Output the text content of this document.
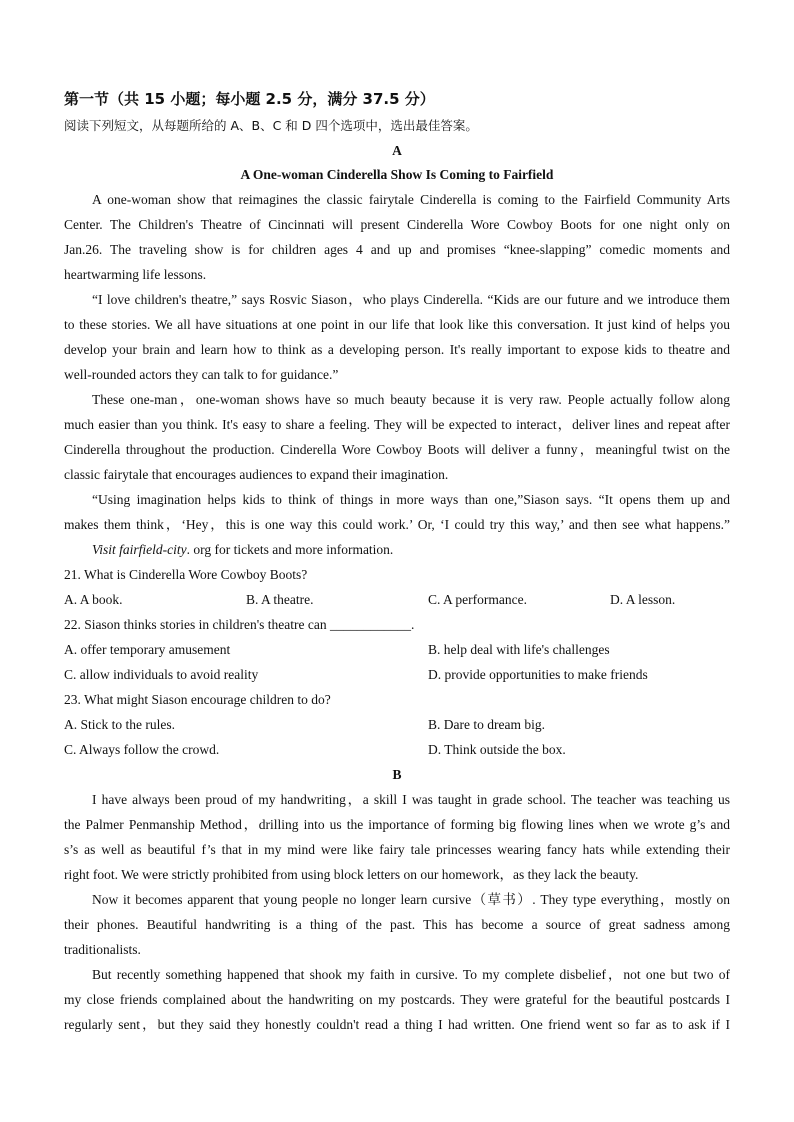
第一节（共 15 小题；每小题 2.5 分，满分 37.5 分）
阅读下列短文，从每题所给的 A、B、C 和 D 四个选项中，选出最佳答案。
A
A One-woman Cinderella Show Is Coming to Fairfield
A one-woman show that reimagines the classic fairytale Cinderella is coming to the Fairfield Community Arts
Center. The Children's Theatre of Cincinnati will present Cinderella Wore Cowboy Boots for one night only on
Jan.26. The traveling show is for children ages 4 and up and promises “knee-slapping” comedic moments and
heartwarming life lessons.
“I love children's theatre,” says Rosvic Siason，who plays Cinderella. “Kids are our future and we introduce them
to these stories. We all have situations at one point in our life that look like this conversation. It just kind of helps you
develop your brain and learn how to think as a developing person. It's really important to expose kids to theatre and
well-rounded actors they can talk to for guidance.”
These one-man，one-woman shows have so much beauty because it is very raw. People actually follow along
much easier than you think. It's easy to share a feeling. They will be expected to interact，deliver lines and repeat after
Cinderella throughout the production. Cinderella Wore Cowboy Boots will deliver a funny，meaningful twist on the
classic fairytale that encourages audiences to expand their imagination.
“Using imagination helps kids to think of things in more ways than one,”Siason says. “It opens them up and
makes them think，‘Hey，this is one way this could work.’ Or, ‘I could try this way,’ and then see what happens.”
Visit fairfield-city. org for tickets and more information.
21. What is Cinderella Wore Cowboy Boots?
A. A book.	B. A theatre.	C. A performance.	D. A lesson.
22. Siason thinks stories in children's theatre can ____________.
A. offer temporary amusement	B. help deal with life's challenges
C. allow individuals to avoid reality	D. provide opportunities to make friends
23. What might Siason encourage children to do?
A. Stick to the rules.	B. Dare to dream big.
C. Always follow the crowd.	D. Think outside the box.
B
I have always been proud of my handwriting，a skill I was taught in grade school. The teacher was teaching us
the Palmer Penmanship Method，drilling into us the importance of forming big flowing lines when we wrote g’s and
s’s as well as beautiful f’s that in my mind were like fairy tale princesses wearing fancy hats while extending their
right foot. We were strictly prohibited from using block letters on our homework，as they lack the beauty.
Now it becomes apparent that young people no longer learn cursive（草书）. They type everything，mostly on
their phones. Beautiful handwriting is a thing of the past. This has become a source of great sadness among
traditionalists.
But recently something happened that shook my faith in cursive. To my complete disbelief，not one but two of
my close friends complained about the handwriting on my postcards. They were grateful for the beautiful postcards I
regularly sent，but they said they honestly couldn't read a thing I had written. One friend went so far as to ask if I
